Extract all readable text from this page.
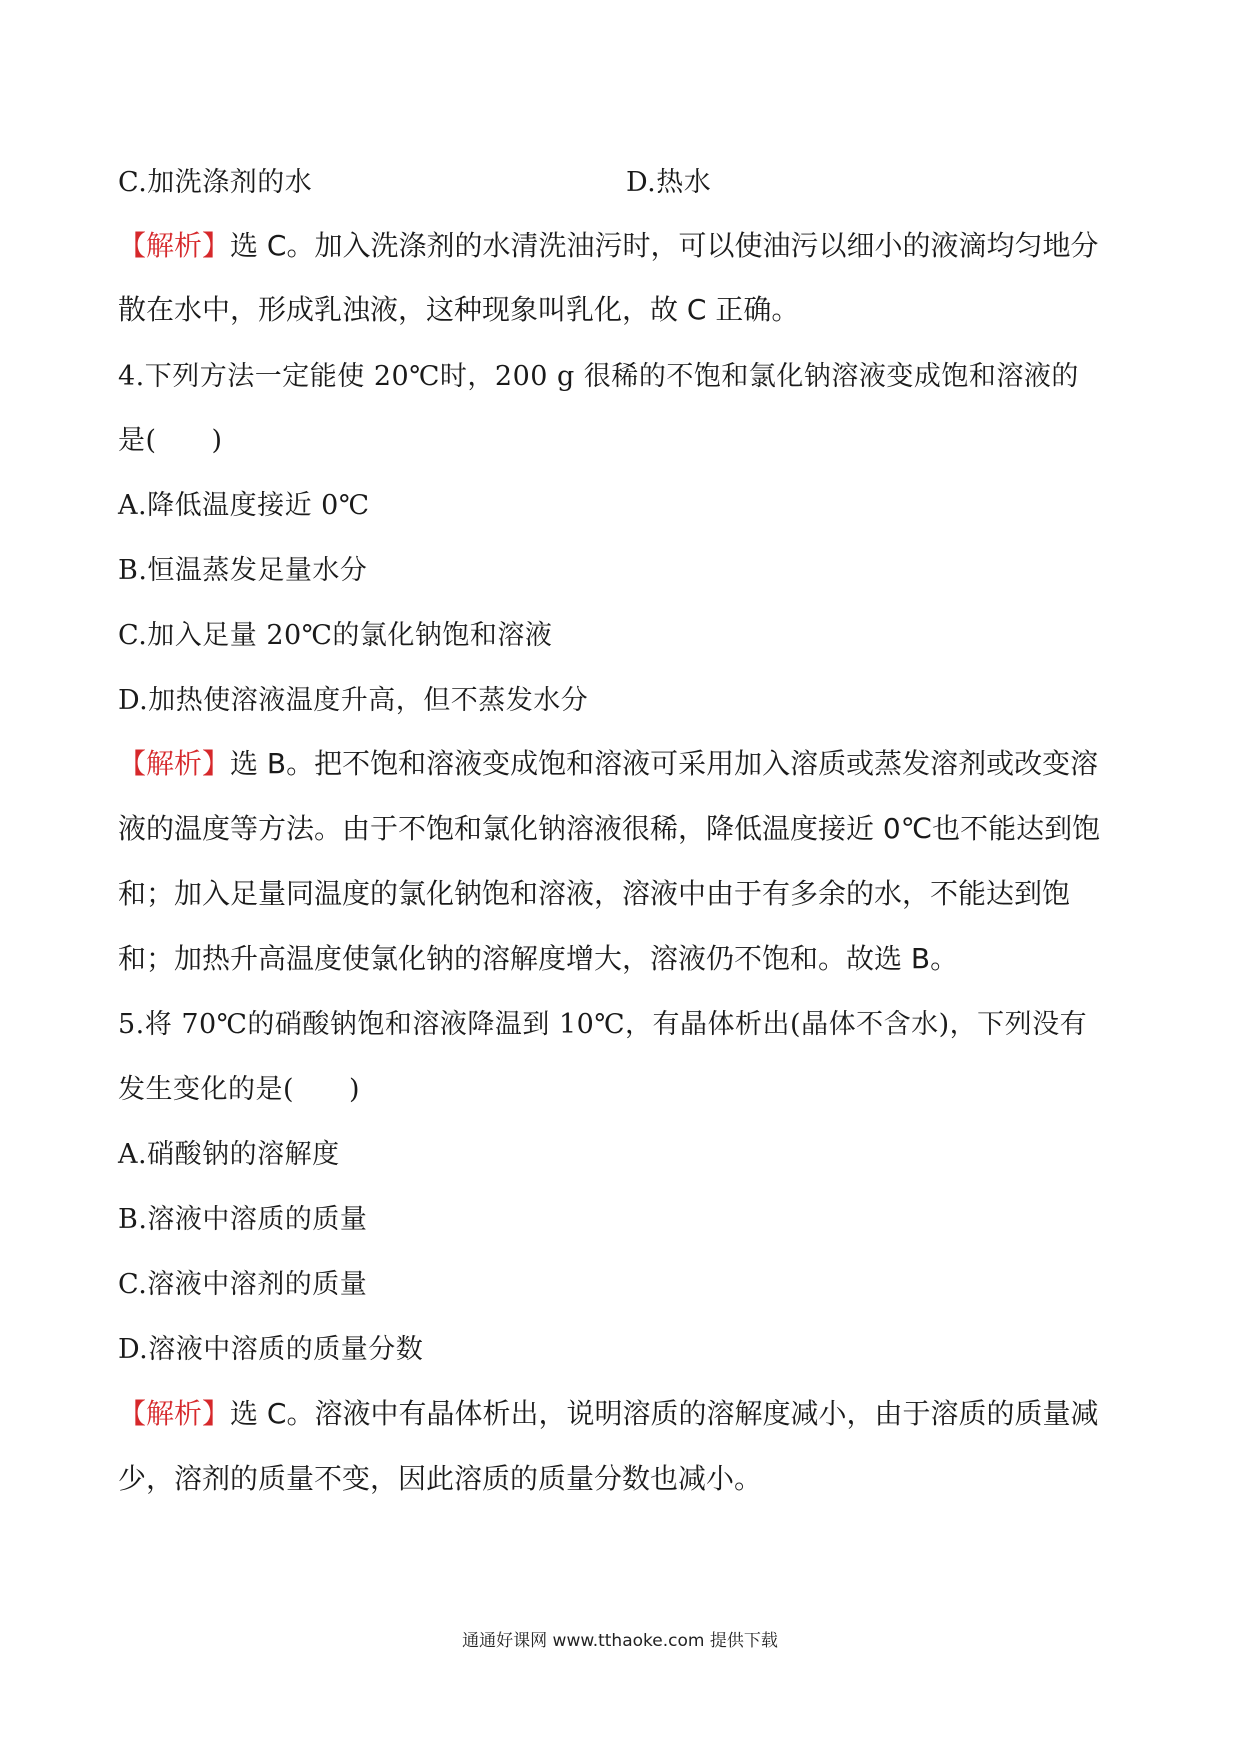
C.加洗涤剂的水	D.热水
【解析】选 C。加入洗涤剂的水清洗油污时，可以使油污以细小的液滴均匀地分
散在水中，形成乳浊液，这种现象叫乳化，故 C 正确。
4.下列方法一定能使 20℃时，200 g 很稀的不饱和氯化钠溶液变成饱和溶液的
是(　　)
A.降低温度接近 0℃
B.恒温蒸发足量水分
C.加入足量 20℃的氯化钠饱和溶液
D.加热使溶液温度升高，但不蒸发水分
【解析】选 B。把不饱和溶液变成饱和溶液可采用加入溶质或蒸发溶剂或改变溶
液的温度等方法。由于不饱和氯化钠溶液很稀，降低温度接近 0℃也不能达到饱
和；加入足量同温度的氯化钠饱和溶液，溶液中由于有多余的水，不能达到饱
和；加热升高温度使氯化钠的溶解度增大，溶液仍不饱和。故选 B。
5.将 70℃的硝酸钠饱和溶液降温到 10℃，有晶体析出(晶体不含水)，下列没有
发生变化的是(　　)
A.硝酸钠的溶解度
B.溶液中溶质的质量
C.溶液中溶剂的质量
D.溶液中溶质的质量分数
【解析】选 C。溶液中有晶体析出，说明溶质的溶解度减小，由于溶质的质量减
少，溶剂的质量不变，因此溶质的质量分数也减小。
通通好课网 www.tthaoke.com 提供下载
